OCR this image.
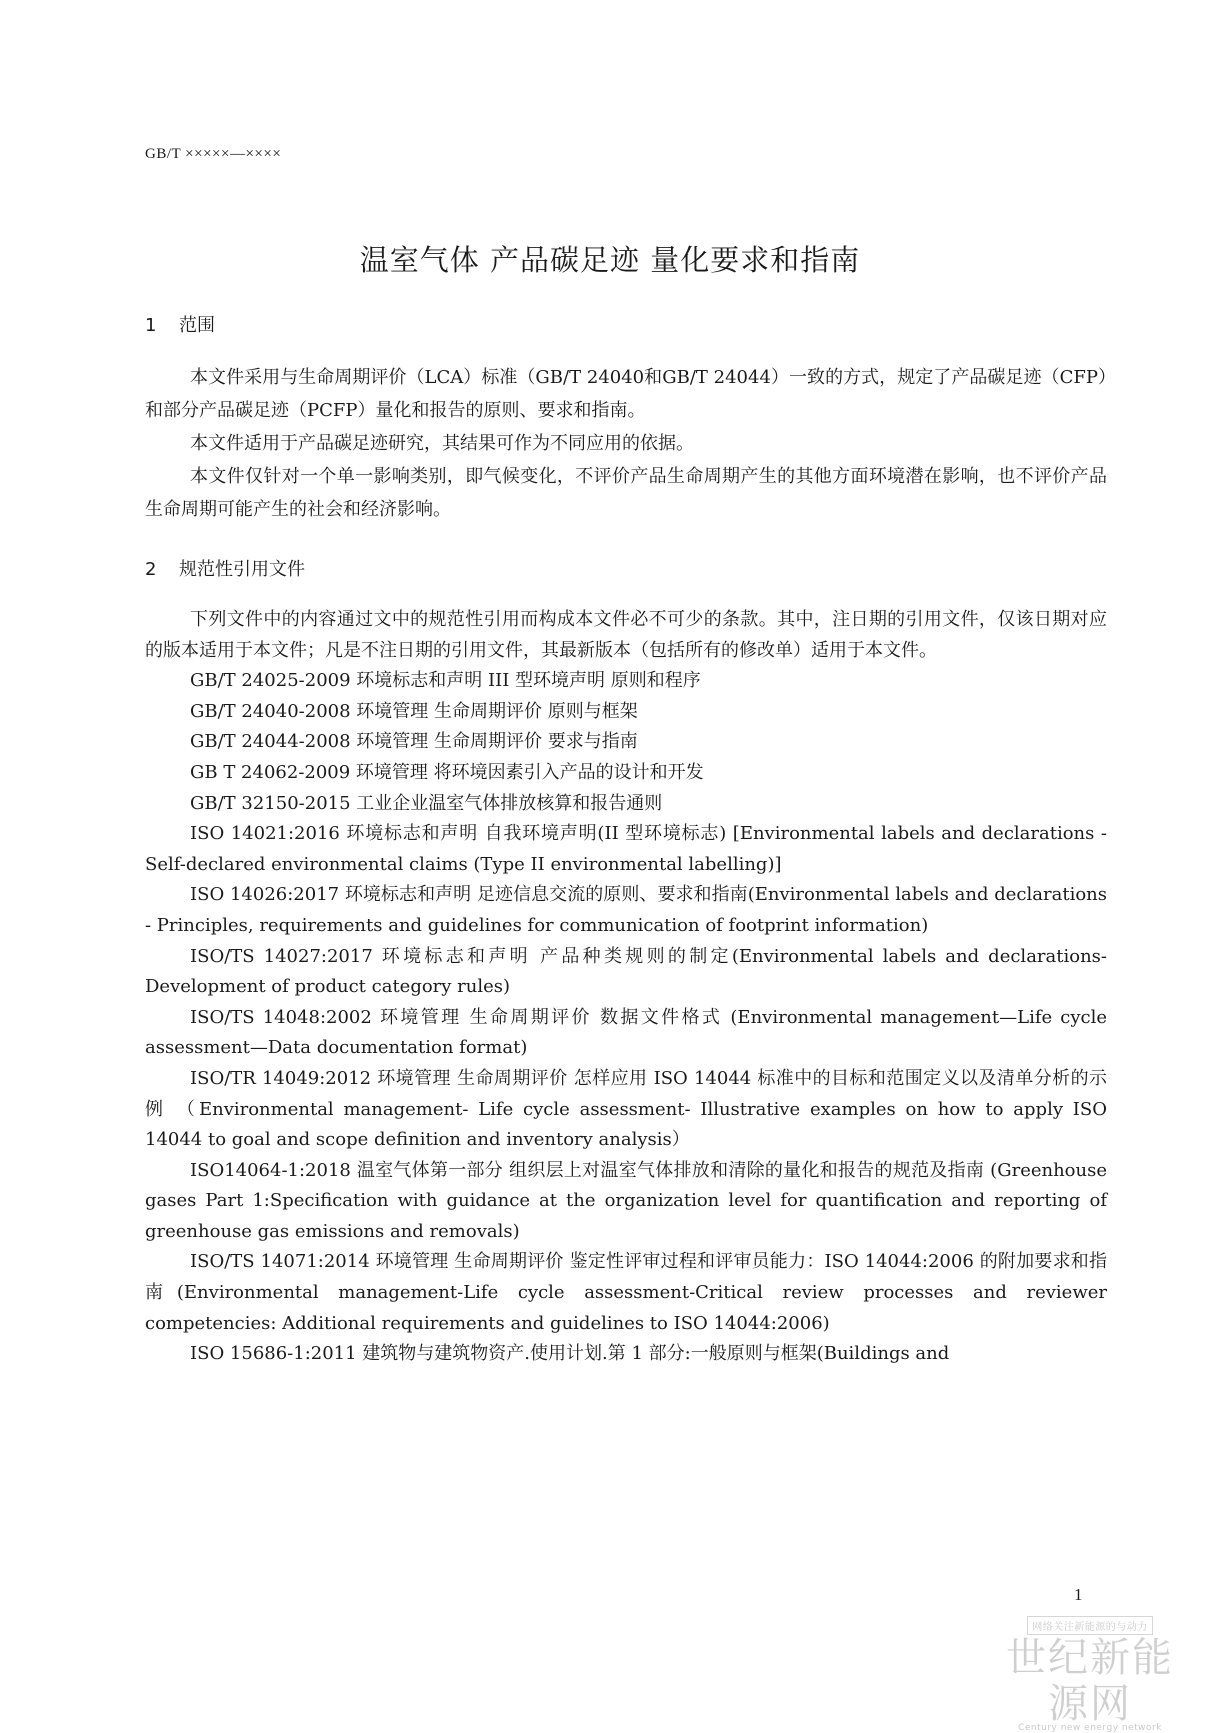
GB/T ×××××—××××
温室气体 产品碳足迹 量化要求和指南
1 范围

本文件采用与生命周期评价（LCA）标准（GB/T 24040和GB/T 24044）一致的方式，规定了产品碳足迹（CFP）和部分产品碳足迹（PCFP）量化和报告的原则、要求和指南。

本文件适用于产品碳足迹研究，其结果可作为不同应用的依据。

本文件仅针对一个单一影响类别，即气候变化，不评价产品生命周期产生的其他方面环境潜在影响，也不评价产品生命周期可能产生的社会和经济影响。

2 规范性引用文件

下列文件中的内容通过文中的规范性引用而构成本文件必不可少的条款。其中，注日期的引用文件，仅该日期对应的版本适用于本文件；凡是不注日期的引用文件，其最新版本（包括所有的修改单）适用于本文件。

GB/T 24025-2009 环境标志和声明 III 型环境声明 原则和程序

GB/T 24040-2008 环境管理 生命周期评价 原则与框架

GB/T 24044-2008 环境管理 生命周期评价 要求与指南

GB T 24062-2009 环境管理 将环境因素引入产品的设计和开发

GB/T 32150-2015 工业企业温室气体排放核算和报告通则

ISO 14021:2016 环境标志和声明 自我环境声明(II 型环境标志) [Environmental labels and declarations - Self-declared environmental claims (Type II environmental labelling)]

ISO 14026:2017 环境标志和声明 足迹信息交流的原则、要求和指南(Environmental labels and declarations - Principles, requirements and guidelines for communication of footprint information)

ISO/TS 14027:2017 环境标志和声明 产品种类规则的制定(Environmental labels and declarations-Development of product category rules)

ISO/TS 14048:2002 环境管理 生命周期评价 数据文件格式 (Environmental management—Life cycle assessment—Data documentation format)

ISO/TR 14049:2012 环境管理 生命周期评价 怎样应用 ISO 14044 标准中的目标和范围定义以及清单分析的示例 （Environmental management- Life cycle assessment- Illustrative examples on how to apply ISO 14044 to goal and scope definition and inventory analysis）

ISO14064-1:2018 温室气体第一部分 组织层上对温室气体排放和清除的量化和报告的规范及指南 (Greenhouse gases Part 1:Specification with guidance at the organization level for quantification and reporting of greenhouse gas emissions and removals)

ISO/TS 14071:2014 环境管理 生命周期评价 鉴定性评审过程和评审员能力：ISO 14044:2006 的附加要求和指南(Environmental management-Life cycle assessment-Critical review processes and reviewer competencies: Additional requirements and guidelines to ISO 14044:2006)

ISO 15686-1:2011 建筑物与建筑物资产.使用计划.第 1 部分:一般原则与框架(Buildings and

1
网络关注新能源的与动力
世纪新能源网
Century new energy network
